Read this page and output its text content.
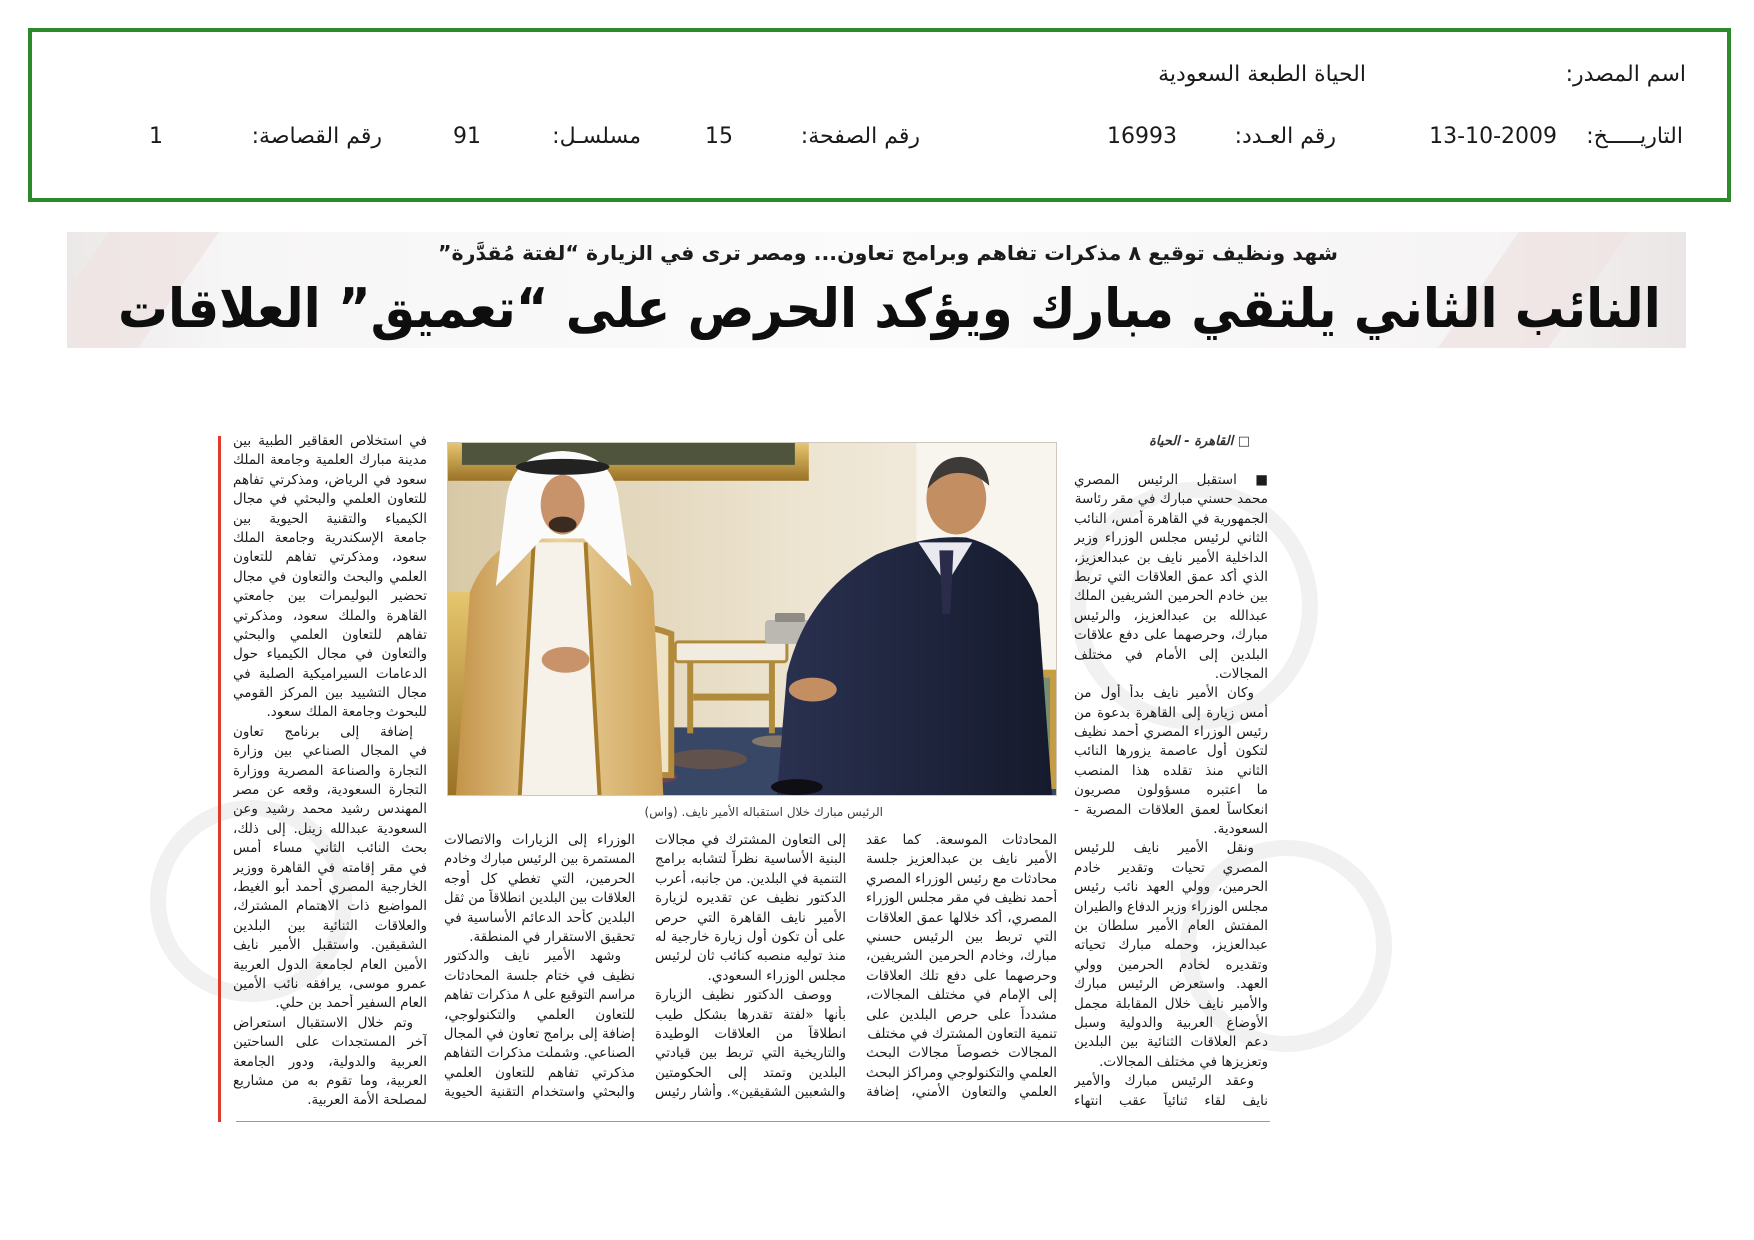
اسم المصدر:
الحياة الطبعة السعودية
التاريـــــخ:
13-10-2009
رقم العـدد:
16993
رقم الصفحة:
15
مسلسـل:
91
رقم القصاصة:
1
شهد ونظيف توقيع ٨ مذكرات تفاهم وبرامج تعاون... ومصر ترى في الزيارة “لفتة مُقدَّرة”
النائب الثاني يلتقي مبارك ويؤكد الحرص على “تعميق” العلاقات
□ القاهرة - الحياة
■ استقبل الرئيس المصري
محمد حسني مبارك في مقر رئاسة
الجمهورية في القاهرة أمس، النائب
الثاني لرئيس مجلس الوزراء وزير
الداخلية الأمير نايف بن عبدالعزيز،
الذي أكد عمق العلاقات التي تربط
بين خادم الحرمين الشريفين الملك
عبدالله بن عبدالعزيز، والرئيس
مبارك، وحرصهما على دفع علاقات
البلدين إلى الأمام في مختلف
المجالات.
وكان الأمير نايف بدأ أول من
أمس زيارة إلى القاهرة بدعوة من
رئيس الوزراء المصري أحمد نظيف
لتكون أول عاصمة يزورها النائب
الثاني منذ تقلده هذا المنصب
ما اعتبره مسؤولون مصريون
انعكاساً لعمق العلاقات المصرية -
السعودية.
ونقل الأمير نايف للرئيس
المصري تحيات وتقدير خادم
الحرمين، وولي العهد نائب رئيس
مجلس الوزراء وزير الدفاع والطيران
المفتش العام الأمير سلطان بن
عبدالعزيز، وحمله مبارك تحياته
وتقديره لخادم الحرمين وولي
العهد. واستعرض الرئيس مبارك
والأمير نايف خلال المقابلة مجمل
الأوضاع العربية والدولية وسبل
دعم العلاقات الثنائية بين البلدين
وتعزيزها في مختلف المجالات.
وعقد الرئيس مبارك والأمير
نايف لقاء ثنائياً عقب انتهاء
الرئيس مبارك خلال استقباله الأمير نايف. (واس)
المحادثات الموسعة. كما عقد
الأمير نايف بن عبدالعزيز جلسة
محادثات مع رئيس الوزراء المصري
أحمد نظيف في مقر مجلس الوزراء
المصري، أكد خلالها عمق العلاقات
التي تربط بين الرئيس حسني
مبارك، وخادم الحرمين الشريفين،
وحرصهما على دفع تلك العلاقات
إلى الإمام في مختلف المجالات،
مشدداً على حرص البلدين على
تنمية التعاون المشترك في مختلف
المجالات خصوصاً مجالات البحث
العلمي والتكنولوجي ومراكز البحث
العلمي والتعاون الأمني، إضافة
إلى التعاون المشترك في مجالات
البنية الأساسية نظراً لتشابه برامج
التنمية في البلدين. من جانبه، أعرب
الدكتور نظيف عن تقديره لزيارة
الأمير نايف القاهرة التي حرص
على أن تكون أول زيارة خارجية له
منذ توليه منصبه كنائب ثان لرئيس
مجلس الوزراء السعودي.
ووصف الدكتور نظيف الزيارة
بأنها «لفتة تقدرها بشكل طيب
انطلاقاً من العلاقات الوطيدة
والتاريخية التي تربط بين قيادتي
البلدين وتمتد إلى الحكومتين
والشعبين الشقيقين». وأشار رئيس
الوزراء إلى الزيارات والاتصالات
المستمرة بين الرئيس مبارك وخادم
الحرمين، التي تغطي كل أوجه
العلاقات بين البلدين انطلاقاً من ثقل
البلدين كأحد الدعائم الأساسية في
تحقيق الاستقرار في المنطقة.
وشهد الأمير نايف والدكتور
نظيف في ختام جلسة المحادثات
مراسم التوقيع على ٨ مذكرات تفاهم
للتعاون العلمي والتكنولوجي،
إضافة إلى برامج تعاون في المجال
الصناعي. وشملت مذكرات التفاهم
مذكرتي تفاهم للتعاون العلمي
والبحثي واستخدام التقنية الحيوية
في استخلاص العقاقير الطبية بين
مدينة مبارك العلمية وجامعة الملك
سعود في الرياض، ومذكرتي تفاهم
للتعاون العلمي والبحثي في مجال
الكيمياء والتقنية الحيوية بين
جامعة الإسكندرية وجامعة الملك
سعود، ومذكرتي تفاهم للتعاون
العلمي والبحث والتعاون في مجال
تحضير البوليمرات بين جامعتي
القاهرة والملك سعود، ومذكرتي
تفاهم للتعاون العلمي والبحثي
والتعاون في مجال الكيمياء حول
الدعامات السيراميكية الصلبة في
مجال التشييد بين المركز القومي
للبحوث وجامعة الملك سعود.
إضافة إلى برنامج تعاون
في المجال الصناعي بين وزارة
التجارة والصناعة المصرية ووزارة
التجارة السعودية، وقعه عن مصر
المهندس رشيد محمد رشيد وعن
السعودية عبدالله زينل. إلى ذلك،
بحث النائب الثاني مساء أمس
في مقر إقامته في القاهرة ووزير
الخارجية المصري أحمد أبو الغيط،
المواضيع ذات الاهتمام المشترك،
والعلاقات الثنائية بين البلدين
الشقيقين. واستقبل الأمير نايف
الأمين العام لجامعة الدول العربية
عمرو موسى، يرافقه نائب الأمين
العام السفير أحمد بن حلي.
وتم خلال الاستقبال استعراض
آخر المستجدات على الساحتين
العربية والدولية، ودور الجامعة
العربية، وما تقوم به من مشاريع
لمصلحة الأمة العربية.
